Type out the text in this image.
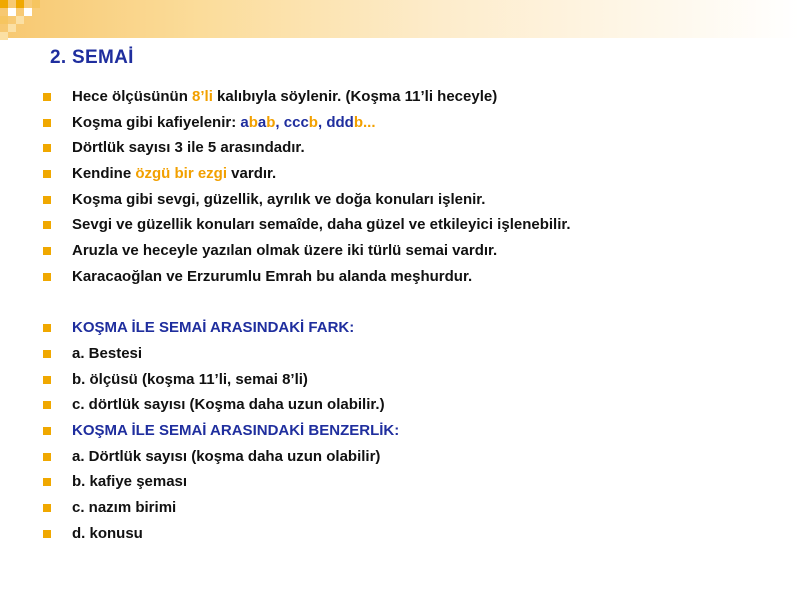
2. SEMAİ
Hece ölçüsünün 8’li kalıbıyla söylenir. (Koşma 11’li heceyle)
Koşma gibi kafiyelenir: abab, cccb, dddb...
Dörtlük sayısı 3 ile 5 arasındadır.
Kendine özgü bir ezgi vardır.
Koşma gibi sevgi, güzellik, ayrılık ve doğa konuları işlenir.
Sevgi ve güzellik konuları semaîde, daha güzel ve etkileyici işlenebilir.
Aruzla ve heceyle yazılan olmak üzere iki türlü semai vardır.
Karacaoğlan ve Erzurumlu Emrah bu alanda meşhurdur.
KOŞMA İLE SEMAİ ARASINDAKİ FARK:
a. Bestesi
b. ölçüsü (koşma 11’li, semai 8’li)
c. dörtlük sayısı (Koşma daha uzun olabilir.)
KOŞMA İLE SEMAİ ARASINDAKİ BENZERLİK:
a. Dörtlük sayısı (koşma daha uzun olabilir)
b. kafiye şeması
c. nazım birimi
d. konusu
